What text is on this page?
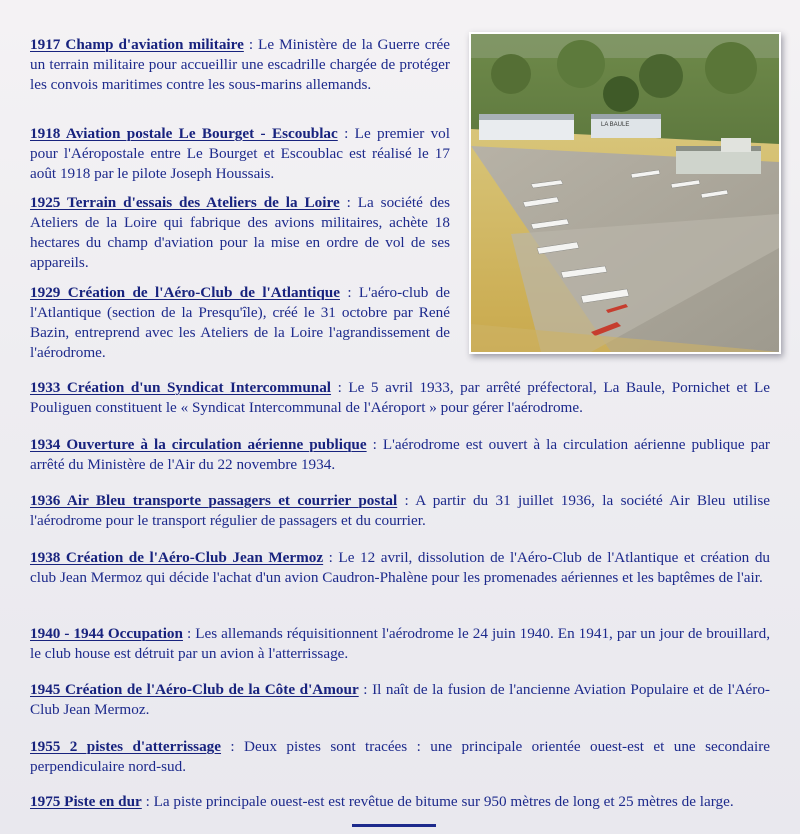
1917 Champ d'aviation militaire : Le Ministère de la Guerre crée un terrain militaire pour accueillir une escadrille chargée de protéger les convois maritimes contre les sous-marins allemands.

1918 Aviation postale Le Bourget - Escoublac : Le premier vol pour l'Aéropostale entre Le Bourget et Escoublac est réalisé le 17 août 1918 par le pilote Joseph Houssais.

1925 Terrain d'essais des Ateliers de la Loire : La société des Ateliers de la Loire qui fabrique des avions militaires, achète 18 hectares du champ d'aviation pour la mise en ordre de vol de ses appareils.

1929 Création de l'Aéro-Club de l'Atlantique : L'aéro-club de l'Atlantique (section de la Presqu'île), créé le 31 octobre par René Bazin, entreprend avec les Ateliers de la Loire l'agrandissement de l'aérodrome.

LA BAULE

1933 Création d'un Syndicat Intercommunal : Le 5 avril 1933, par arrêté préfectoral, La Baule, Pornichet et Le Pouliguen constituent le « Syndicat Intercommunal de l'Aéroport » pour gérer l'aérodrome.

1934 Ouverture à la circulation aérienne publique : L'aérodrome est ouvert à la circulation aérienne publique par arrêté du Ministère de l'Air du 22 novembre 1934.

1936 Air Bleu transporte passagers et courrier postal : A partir du 31 juillet 1936, la société Air Bleu utilise l'aérodrome pour le transport régulier de passagers et du courrier.

1938 Création de l'Aéro-Club Jean Mermoz : Le 12 avril, dissolution de l'Aéro-Club de l'Atlantique et création du club Jean Mermoz qui décide l'achat d'un avion Caudron-Phalène pour les promenades aériennes et les baptêmes de l'air.

1940 - 1944 Occupation : Les allemands réquisitionnent l'aérodrome le 24 juin 1940. En 1941, par un jour de brouillard, le club house est détruit par un avion à l'atterrissage.

1945 Création de l'Aéro-Club de la Côte d'Amour : Il naît de la fusion de l'ancienne Aviation Populaire et de l'Aéro-Club Jean Mermoz.

1955 2 pistes d'atterrissage : Deux pistes sont tracées : une principale orientée ouest-est et une secondaire perpendiculaire nord-sud.

1975 Piste en dur : La piste principale ouest-est est revêtue de bitume sur 950 mètres de long et 25 mètres de large.
